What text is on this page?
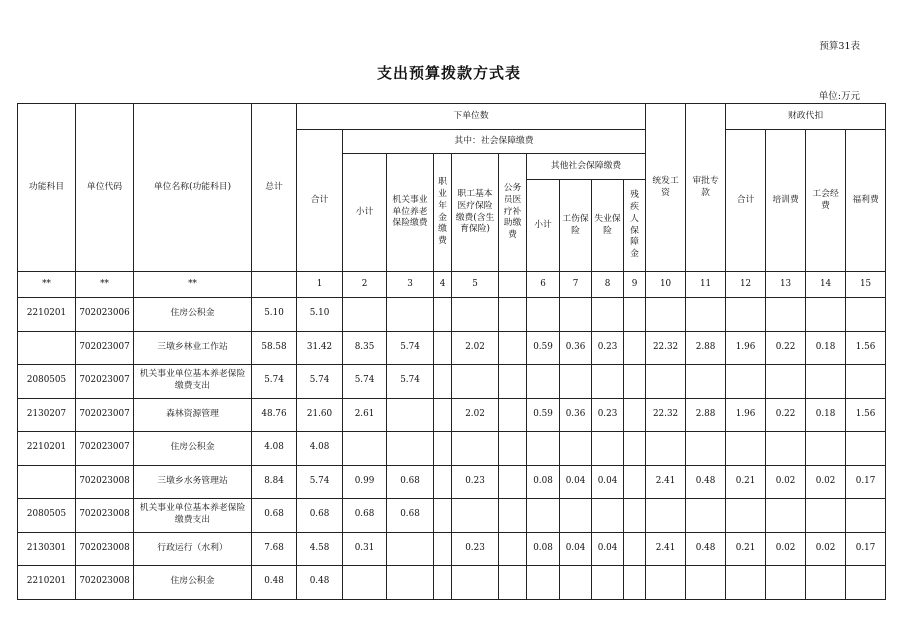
预算31表
支出预算拨款方式表
单位:万元
功能科目	单位代码	单位名称(功能科目)	总计	下单位数										统发工资	审批专款	财政代扣			
				合计	其中：社会保障缴费											合计	培训费	工会经费	福利费
					小计	机关事业单位养老保险缴费	职业年金缴费	职工基本医疗保险缴费(含生育保险)	公务员医疗补助缴费	其他社会保障缴费									
										小计	工伤保险	失业保险	残疾人保障金						
**	**	**		1	2	3	4	5		6	7	8	9	10	11	12	13	14	15
2210201	702023006	住房公积金	5.10	5.10															
	702023007	三墩乡林业工作站	58.58	31.42	8.35	5.74		2.02		0.59	0.36	0.23		22.32	2.88	1.96	0.22	0.18	1.56
2080505	702023007	机关事业单位基本养老保险缴费支出	5.74	5.74	5.74	5.74													
2130207	702023007	森林资源管理	48.76	21.60	2.61			2.02		0.59	0.36	0.23		22.32	2.88	1.96	0.22	0.18	1.56
2210201	702023007	住房公积金	4.08	4.08															
	702023008	三墩乡水务管理站	8.84	5.74	0.99	0.68		0.23		0.08	0.04	0.04		2.41	0.48	0.21	0.02	0.02	0.17
2080505	702023008	机关事业单位基本养老保险缴费支出	0.68	0.68	0.68	0.68													
2130301	702023008	行政运行（水利）	7.68	4.58	0.31			0.23		0.08	0.04	0.04		2.41	0.48	0.21	0.02	0.02	0.17
2210201	702023008	住房公积金	0.48	0.48															
